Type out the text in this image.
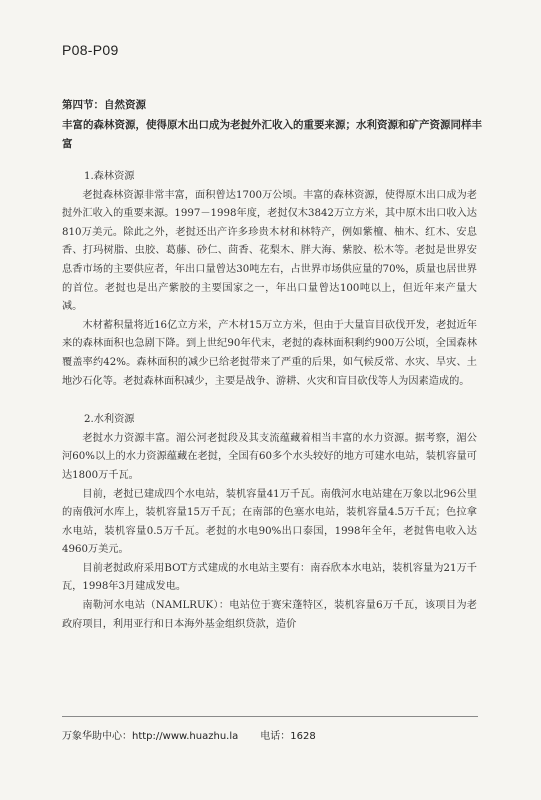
P08-P09
第四节：自然资源
丰富的森林资源，使得原木出口成为老挝外汇收入的重要来源；水利资源和矿产资源同样丰富

1.森林资源

老挝森林资源非常丰富，面积曾达1700万公顷。丰富的森林资源，使得原木出口成为老挝外汇收入的重要来源。1997－1998年度，老挝仅木3842万立方米，其中原木出口收入达810万美元。除此之外，老挝还出产许多珍贵木材和林特产，例如紫檀、柚木、红木、安息香、打玛树脂、虫胶、葛藤、砂仁、茴香、花梨木、胖大海、紫胶、松木等。老挝是世界安息香市场的主要供应者，年出口量曾达30吨左右，占世界市场供应量的70%，质量也居世界的首位。老挝也是出产紫胶的主要国家之一，年出口量曾达100吨以上，但近年来产量大减。

木材蓄积量将近16亿立方米，产木材15万立方米，但由于大量盲目砍伐开发，老挝近年来的森林面积也急剧下降。到上世纪90年代末，老挝的森林面积剩约900万公顷，全国森林覆盖率约42%。森林面积的减少已给老挝带来了严重的后果，如气候反常、水灾、旱灾、土地沙石化等。老挝森林面积减少，主要是战争、游耕、火灾和盲目砍伐等人为因素造成的。

2.水利资源

老挝水力资源丰富。湄公河老挝段及其支流蕴藏着相当丰富的水力资源。据考察，湄公河60%以上的水力资源蕴藏在老挝，全国有60多个水头较好的地方可建水电站，装机容量可达1800万千瓦。

目前，老挝已建成四个水电站，装机容量41万千瓦。南俄河水电站建在万象以北96公里的南俄河水库上，装机容量15万千瓦；在南部的色塞水电站，装机容量4.5万千瓦；色拉拿水电站，装机容量0.5万千瓦。老挝的水电90%出口泰国，1998年全年，老挝售电收入达4960万美元。

目前老挝政府采用BOT方式建成的水电站主要有：南吞欣本水电站，装机容量为21万千瓦，1998年3月建成发电。

南勒河水电站（NAMLRUK）：电站位于赛宋蓬特区，装机容量6万千瓦，该项目为老政府项目，利用亚行和日本海外基金组织贷款，造价

万象华助中心：http://www.huazhu.la 电话：1628
